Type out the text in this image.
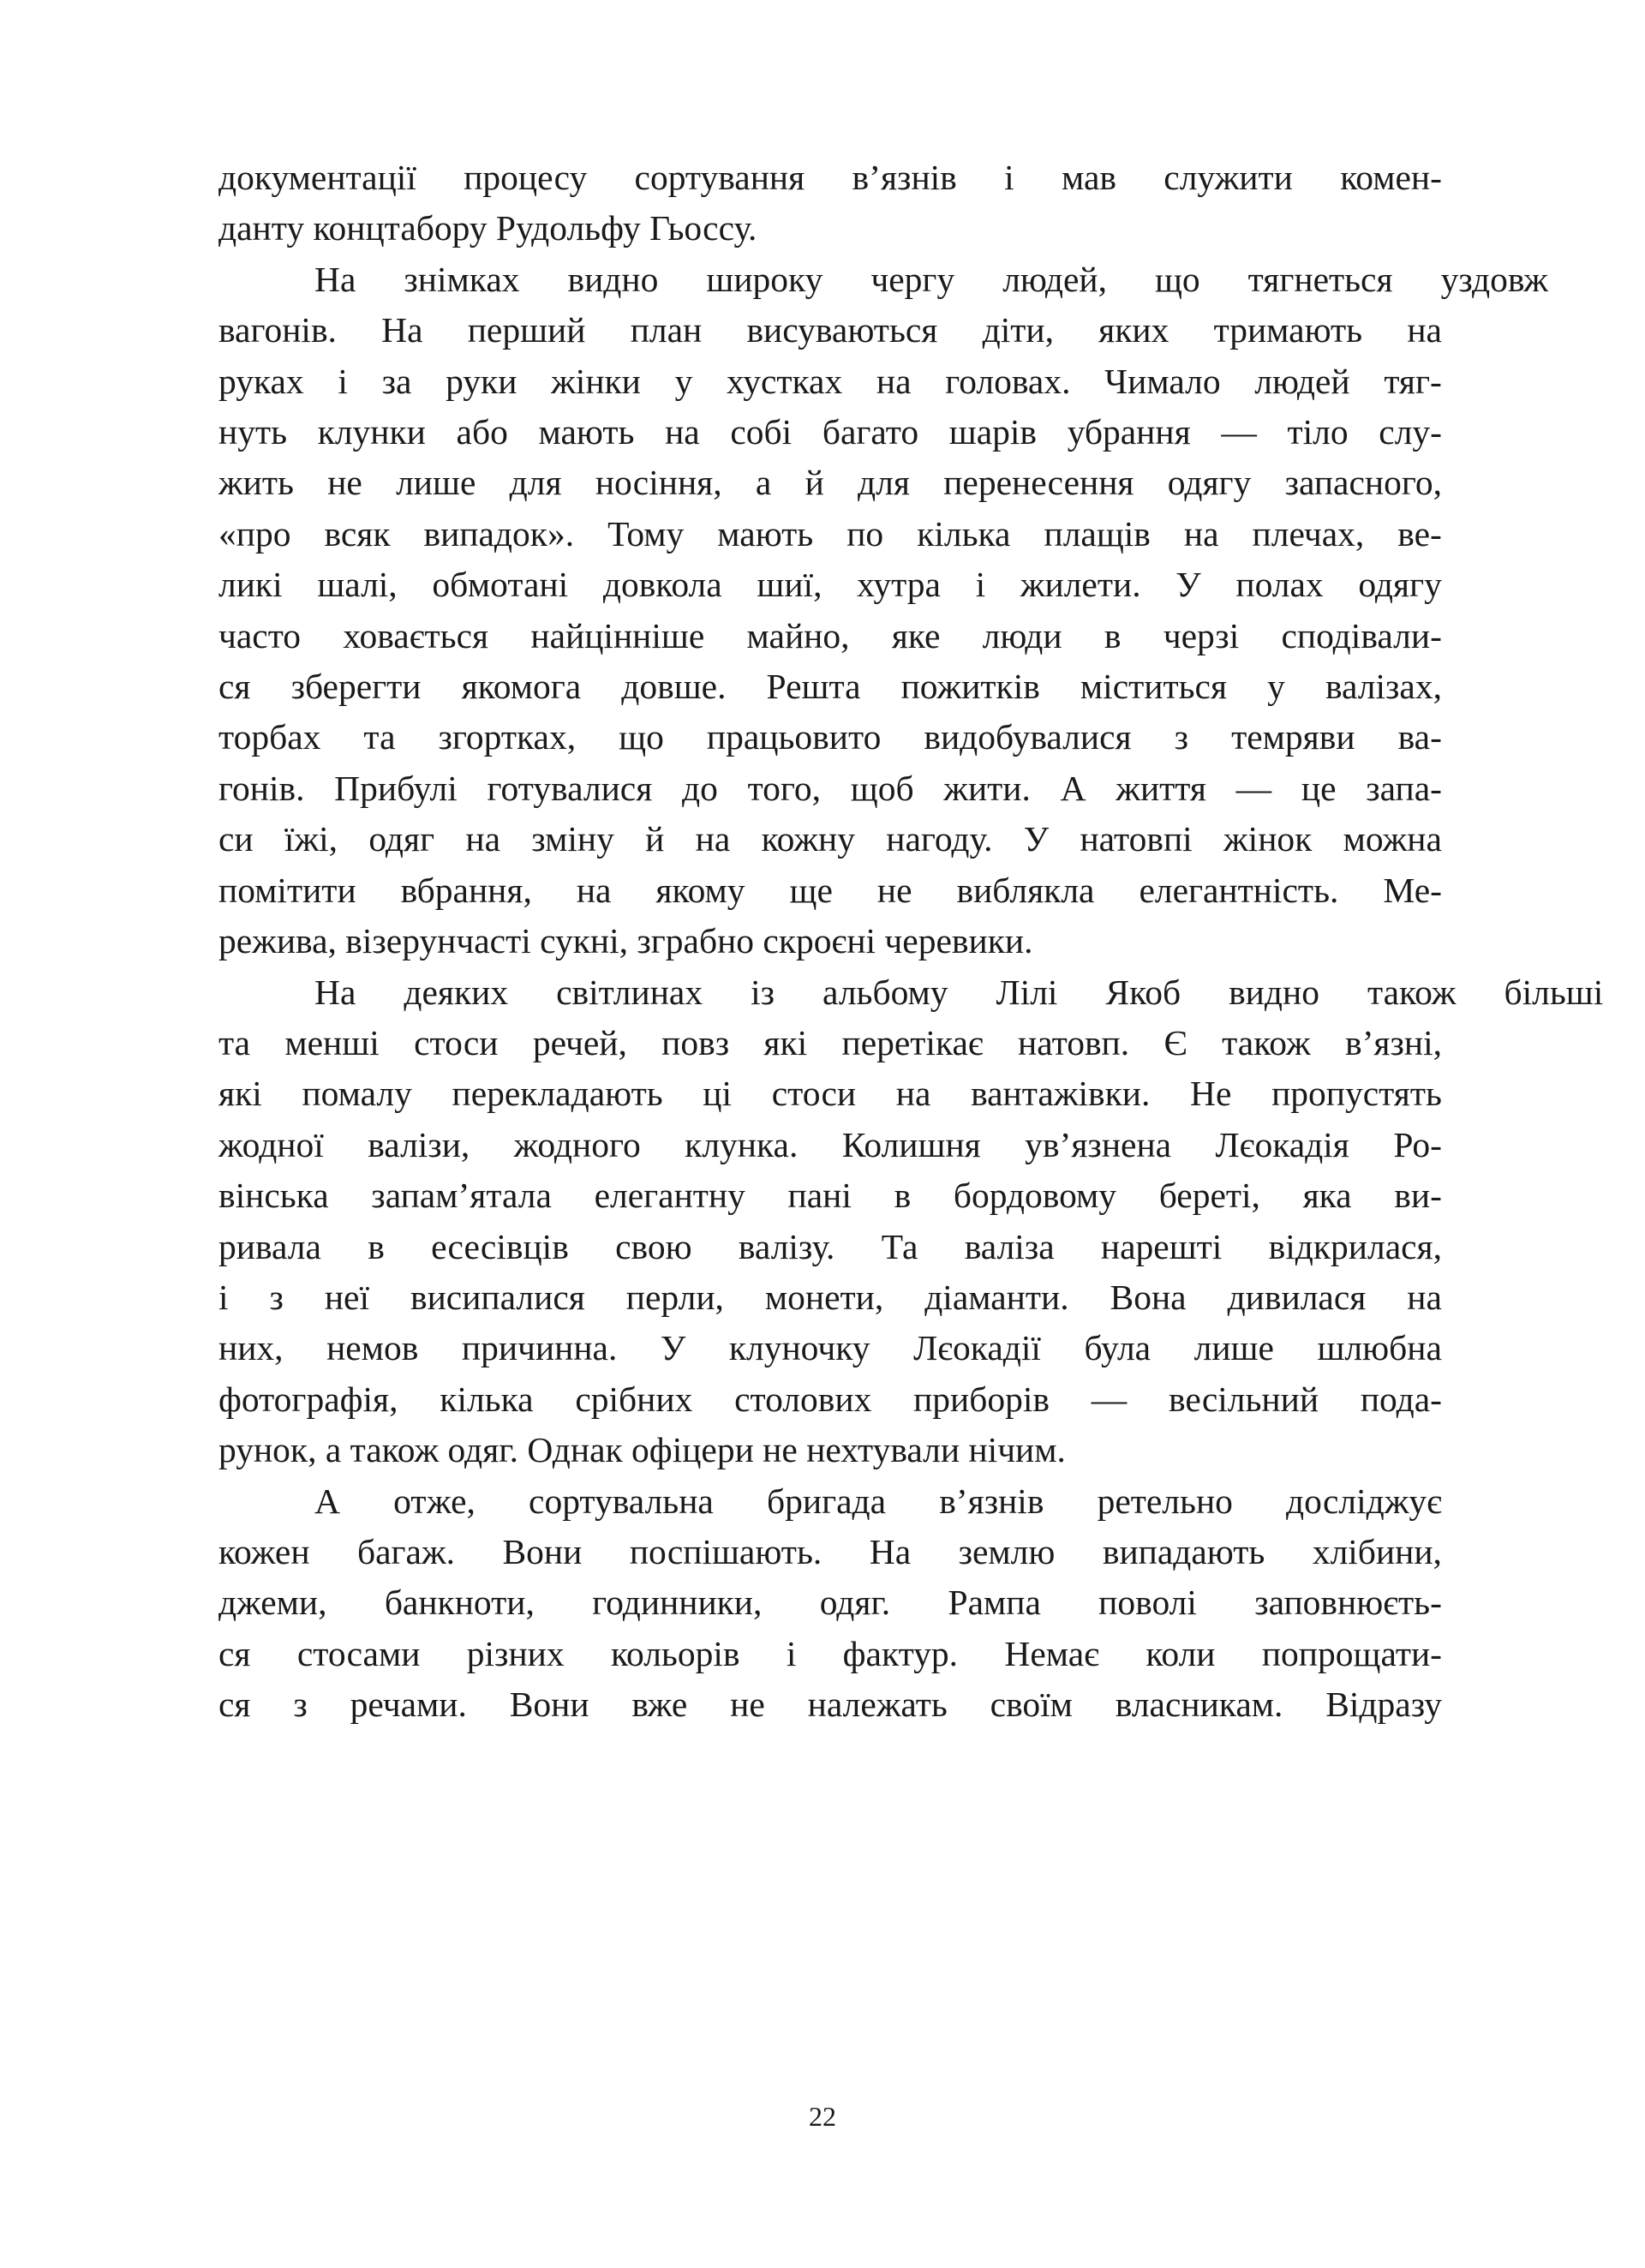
документації процесу сортування в’язнів і мав служити комен-
данту концтабору Рудольфу Гьоссу.
На	знімках	видно	широку	чергу	людей,	що	тягнеться	уздовж
вагонів. На перший план висуваються діти, яких тримають на
руках і за руки жінки у хустках на головах. Чимало людей тяг-
нуть клунки або мають на собі багато шарів убрання — тіло слу-
жить не лише для носіння, а й для перенесення одягу запасного,
«про всяк випадок». Тому мають по кілька плащів на плечах, ве-
ликі шалі, обмотані довкола шиї, хутра і жилети. У полах одягу
часто ховається найцінніше майно, яке люди в черзі сподівали-
ся зберегти якомога довше. Решта пожитків міститься у валізах,
торбах та згортках, що працьовито видобувалися з темряви ва-
гонів. Прибулі готувалися до того, щоб жити. А життя — це запа-
си їжі, одяг на зміну й на кожну нагоду. У натовпі жінок можна
помітити вбрання, на якому ще не виблякла елегантність. Ме-
режива, візерунчасті сукні, зграбно скроєні черевики.
На	деяких	світлинах	із	альбому	Лілі	Якоб	видно	також	більші
та менші стоси речей, повз які перетікає натовп. Є також в’язні,
які помалу перекладають ці стоси на вантажівки. Не пропустять
жодної валізи, жодного клунка. Колишня ув’язнена Лєокадія Ро-
вінська запам’ятала елегантну пані в бордовому береті, яка ви-
ривала в есесівців свою валізу. Та валіза нарешті відкрилася,
і з неї висипалися перли, монети, діаманти. Вона дивилася на
них, немов причинна. У клуночку Лєокадії була лише шлюбна
фотографія, кілька срібних столових приборів — весільний пода-
рунок, а також одяг. Однак офіцери не нехтували нічим.
А	отже,	сортувальна	бригада	в’язнів	ретельно	досліджує
кожен багаж. Вони поспішають. На землю випадають хлібини,
джеми, банкноти, годинники, одяг. Рампа поволі заповнюєть-
ся стосами різних кольорів і фактур. Немає коли попрощати-
ся з речами. Вони вже не належать своїм власникам. Відразу
22
